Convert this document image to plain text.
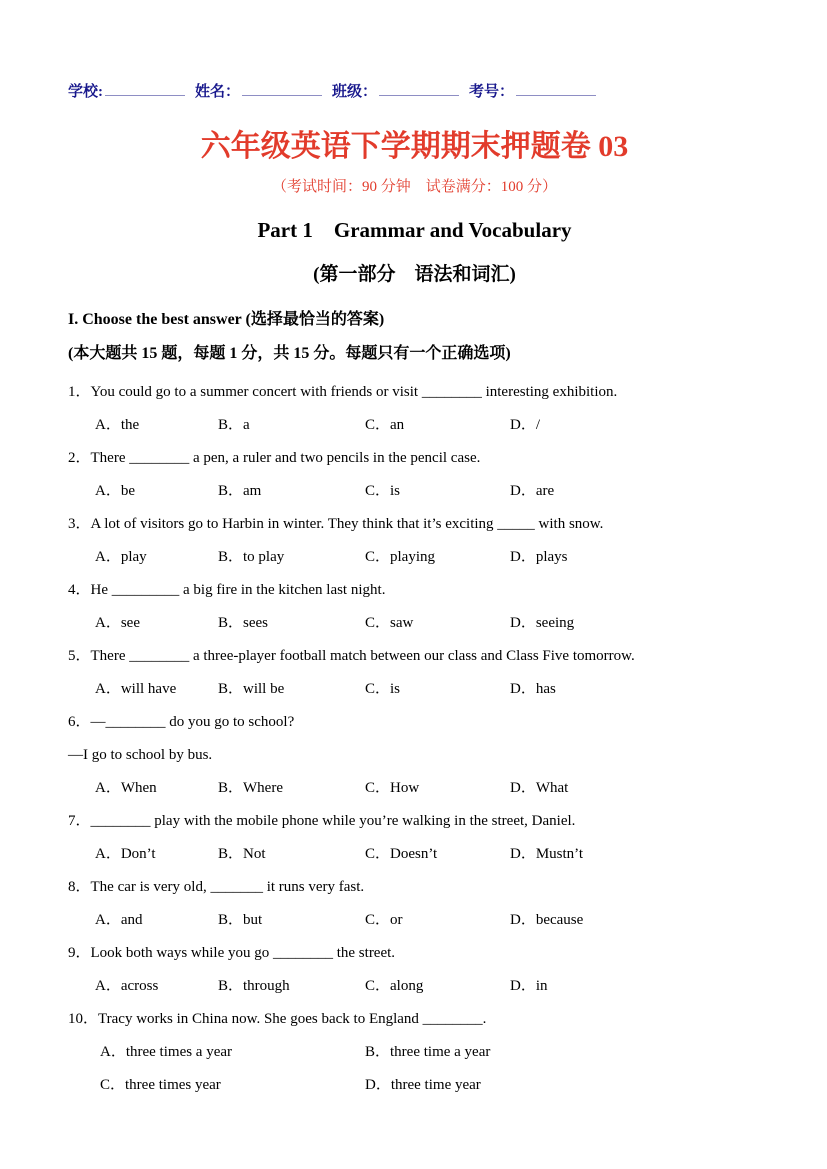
学校:	姓名：	班级：	考号：
六年级英语下学期期末押题卷 03
（考试时间：90 分钟　试卷满分：100 分）
Part 1    Grammar and Vocabulary
(第一部分　语法和词汇)
I. Choose the best answer (选择最恰当的答案)
(本大题共 15 题，每题 1 分，共 15 分。每题只有一个正确选项)
1．You could go to a summer concert with friends or visit ________ interesting exhibition.
A．the	B．a	C．an	D．/
2．There ________ a pen, a ruler and two pencils in the pencil case.
A．be	B．am	C．is	D．are
3．A lot of visitors go to Harbin in winter. They think that it’s exciting _____ with snow.
A．play	B．to play	C．playing	D．plays
4．He _________ a big fire in the kitchen last night.
A．see	B．sees	C．saw	D．seeing
5．There ________ a three-player football match between our class and Class Five tomorrow.
A．will have	B．will be	C．is	D．has
6．—________ do you go to school?
—I go to school by bus.
A．When	B．Where	C．How	D．What
7．________ play with the mobile phone while you’re walking in the street, Daniel.
A．Don’t	B．Not	C．Doesn’t	D．Mustn’t
8．The car is very old, _______ it runs very fast.
A．and	B．but	C．or	D．because
9．Look both ways while you go ________ the street.
A．across	B．through	C．along	D．in
10．Tracy works in China now. She goes back to England ________.
A．three times a year	B．three time a year
C．three times year	D．three time year
